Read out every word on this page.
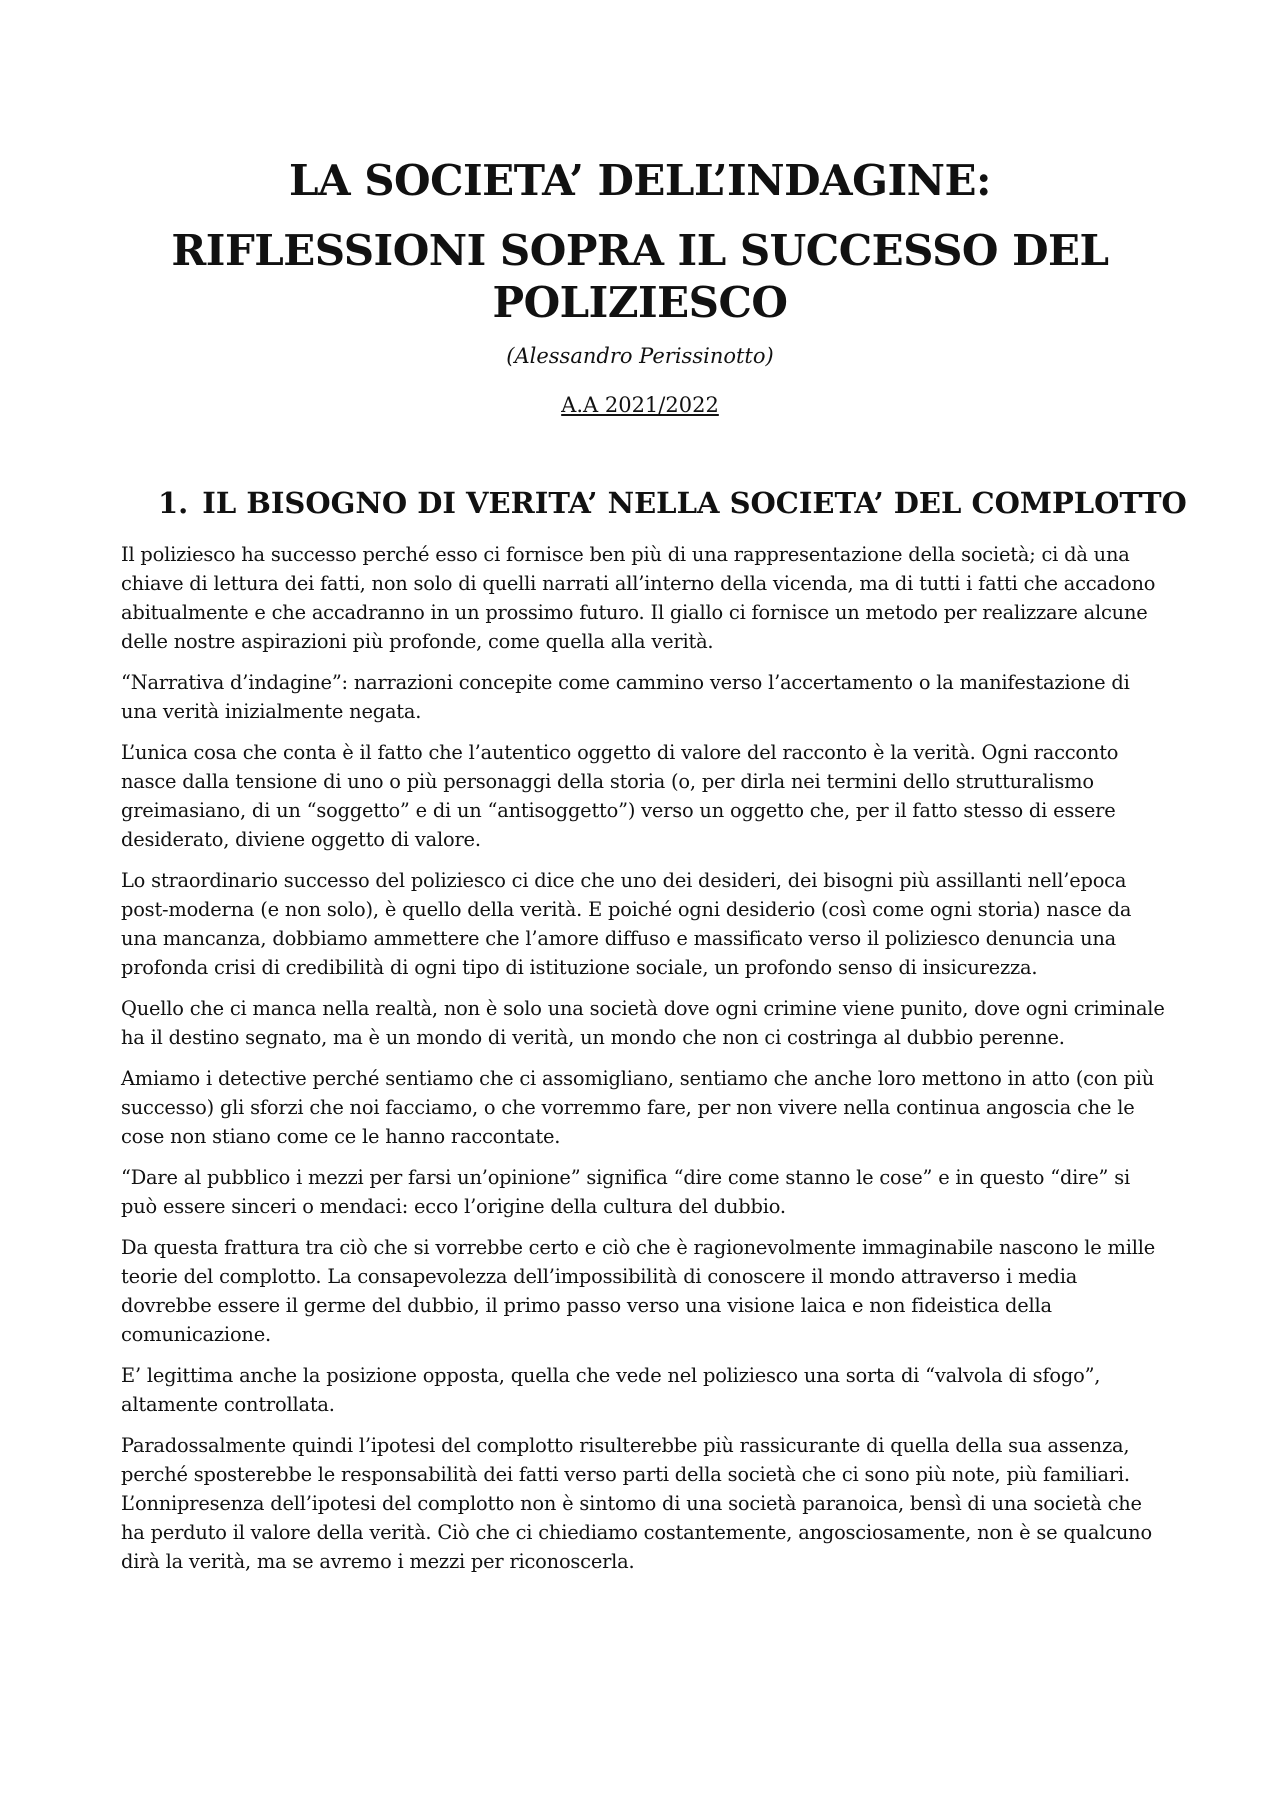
LA SOCIETA’ DELL’INDAGINE:
RIFLESSIONI SOPRA IL SUCCESSO DEL POLIZIESCO
(Alessandro Perissinotto)
A.A 2021/2022
1. IL BISOGNO DI VERITA’ NELLA SOCIETA’ DEL COMPLOTTO

Il poliziesco ha successo perché esso ci fornisce ben più di una rappresentazione della società; ci dà una chiave di lettura dei fatti, non solo di quelli narrati all’interno della vicenda, ma di tutti i fatti che accadono abitualmente e che accadranno in un prossimo futuro. Il giallo ci fornisce un metodo per realizzare alcune delle nostre aspirazioni più profonde, come quella alla verità.

“Narrativa d’indagine”: narrazioni concepite come cammino verso l’accertamento o la manifestazione di una verità inizialmente negata.

L’unica cosa che conta è il fatto che l’autentico oggetto di valore del racconto è la verità. Ogni racconto nasce dalla tensione di uno o più personaggi della storia (o, per dirla nei termini dello strutturalismo greimasiano, di un “soggetto” e di un “antisoggetto”) verso un oggetto che, per il fatto stesso di essere desiderato, diviene oggetto di valore.

Lo straordinario successo del poliziesco ci dice che uno dei desideri, dei bisogni più assillanti nell’epoca post-moderna (e non solo), è quello della verità. E poiché ogni desiderio (così come ogni storia) nasce da una mancanza, dobbiamo ammettere che l’amore diffuso e massificato verso il poliziesco denuncia una profonda crisi di credibilità di ogni tipo di istituzione sociale, un profondo senso di insicurezza.

Quello che ci manca nella realtà, non è solo una società dove ogni crimine viene punito, dove ogni criminale ha il destino segnato, ma è un mondo di verità, un mondo che non ci costringa al dubbio perenne.

Amiamo i detective perché sentiamo che ci assomigliano, sentiamo che anche loro mettono in atto (con più successo) gli sforzi che noi facciamo, o che vorremmo fare, per non vivere nella continua angoscia che le cose non stiano come ce le hanno raccontate.

“Dare al pubblico i mezzi per farsi un’opinione” significa “dire come stanno le cose” e in questo “dire” si può essere sinceri o mendaci: ecco l’origine della cultura del dubbio.

Da questa frattura tra ciò che si vorrebbe certo e ciò che è ragionevolmente immaginabile nascono le mille teorie del complotto. La consapevolezza dell’impossibilità di conoscere il mondo attraverso i media dovrebbe essere il germe del dubbio, il primo passo verso una visione laica e non fideistica della comunicazione.

E’ legittima anche la posizione opposta, quella che vede nel poliziesco una sorta di “valvola di sfogo”, altamente controllata.

Paradossalmente quindi l’ipotesi del complotto risulterebbe più rassicurante di quella della sua assenza, perché sposterebbe le responsabilità dei fatti verso parti della società che ci sono più note, più familiari. L’onnipresenza dell’ipotesi del complotto non è sintomo di una società paranoica, bensì di una società che ha perduto il valore della verità. Ciò che ci chiediamo costantemente, angosciosamente, non è se qualcuno dirà la verità, ma se avremo i mezzi per riconoscerla.
